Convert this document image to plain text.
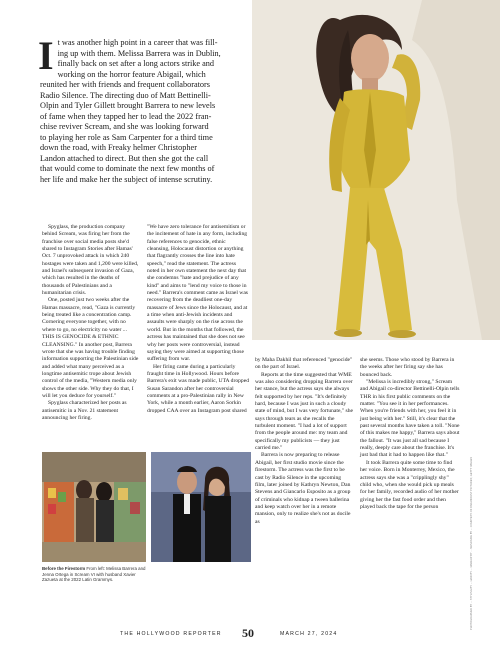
I t was another high point in a career that was fill-
ing up with them. Melissa Barrera was in Dublin,
finally back on set after a long actors strike and
working on the horror feature Abigail, which
reunited her with friends and frequent collaborators
Radio Silence. The directing duo of Matt Bettinelli-
Olpin and Tyler Gillett brought Barrera to new levels
of fame when they tapped her to lead the 2022 fran-
chise reviver Scream, and she was looking forward
to playing her role as Sam Carpenter for a third time
down the road, with Freaky helmer Christopher
Landon attached to direct. But then she got the call
that would come to dominate the next few months of
her life and make her the subject of intense scrutiny.

Spyglass, the production company behind Scream, was firing her from the franchise over social media posts she'd shared to Instagram Stories after Hamas' Oct. 7 unprovoked attack in which 240 hostages were taken and 1,200 were killed, and Israel's subsequent invasion of Gaza, which has resulted in the deaths of thousands of Palestinians and a humanitarian crisis.

One, posted just two weeks after the Hamas massacre, read, "Gaza is currently being treated like a concentration camp. Cornering everyone together, with no where to go, no electricity no water ... THIS IS GENOCIDE & ETHNIC CLEANSING." In another post, Barrera wrote that she was having trouble finding information supporting the Palestinian side and added what many perceived as a longtime antisemitic trope about Jewish control of the media, "Western media only shows the other side. Why they do that, I will let you deduce for yourself."

Spyglass characterized her posts as antisemitic in a Nov. 21 statement announcing her firing.

"We have zero tolerance for antisemitism or the incitement of hate in any form, including false references to genocide, ethnic cleansing, Holocaust distortion or anything that flagrantly crosses the line into hate speech," read the statement. The actress noted in her own statement the next day that she condemns "hate and prejudice of any kind" and aims to "lend my voice to those in need." Barrera's comment came as Israel was recovering from the deadliest one-day massacre of Jews since the Holocaust, and at a time when anti-Jewish incidents and assaults were sharply on the rise across the world. But in the months that followed, the actress has maintained that she does not see why her posts were controversial, instead saying they were aimed at supporting those suffering from war.

Her firing came during a particularly fraught time in Hollywood. Hours before Barrera's exit was made public, UTA dropped Susan Sarandon after her controversial comments at a pro-Palestinian rally in New York, while a month earlier, Aaron Sorkin dropped CAA over an Instagram post shared

by Maha Dakhil that referenced "genocide" on the part of Israel.

Reports at the time suggested that WME was also considering dropping Barrera over her stance, but the actress says she always felt supported by her reps. "It's definitely hard, because I was just in such a cloudy state of mind, but I was very fortunate," she says through tears as she recalls the turbulent moment. "I had a lot of support from the people around me: my team and specifically my publicists — they just carried me."

Barrera is now preparing to release Abigail, her first studio movie since the firestorm. The actress was the first to be cast by Radio Silence in the upcoming film, later joined by Kathryn Newton, Dan Stevens and Giancarlo Esposito as a group of criminals who kidnap a tween ballerina and keep watch over her in a remote mansion, only to realize she's not as docile as

she seems. Those who stood by Barrera in the weeks after her firing say she has bounced back.

"Melissa is incredibly strong," Scream and Abigail co-director Bettinelli-Olpin tells THR in his first public comments on the matter. "You see it in her performances. When you're friends with her, you feel it in just being with her." Still, it's clear that the past several months have taken a toll. "None of this makes me happy," Barrera says about the fallout. "It was just all sad because I really, deeply care about the franchise. It's just bad that it had to happen like that."

It took Barrera quite some time to find her voice. Born in Monterrey, Mexico, the actress says she was a "cripplingly shy" child who, when she would pick up meals for her family, recorded audio of her mother giving her the fast food order and then played back the tape for the person

Before the Firestorm From left: Melissa Barrera and Jenna Ortega in Scream VI with husband Xavier Zazueta at the 2022 Latin Grammys.	PHOTOGRAPHED BY ... STYLING BY ... HAIR BY ... MAKEUP BY ... MANICURE BY ... COURTESY OF PARAMOUNT PICTURES; GETTY IMAGES
THE HOLLYWOOD REPORTER 50	MARCH 27, 2024
